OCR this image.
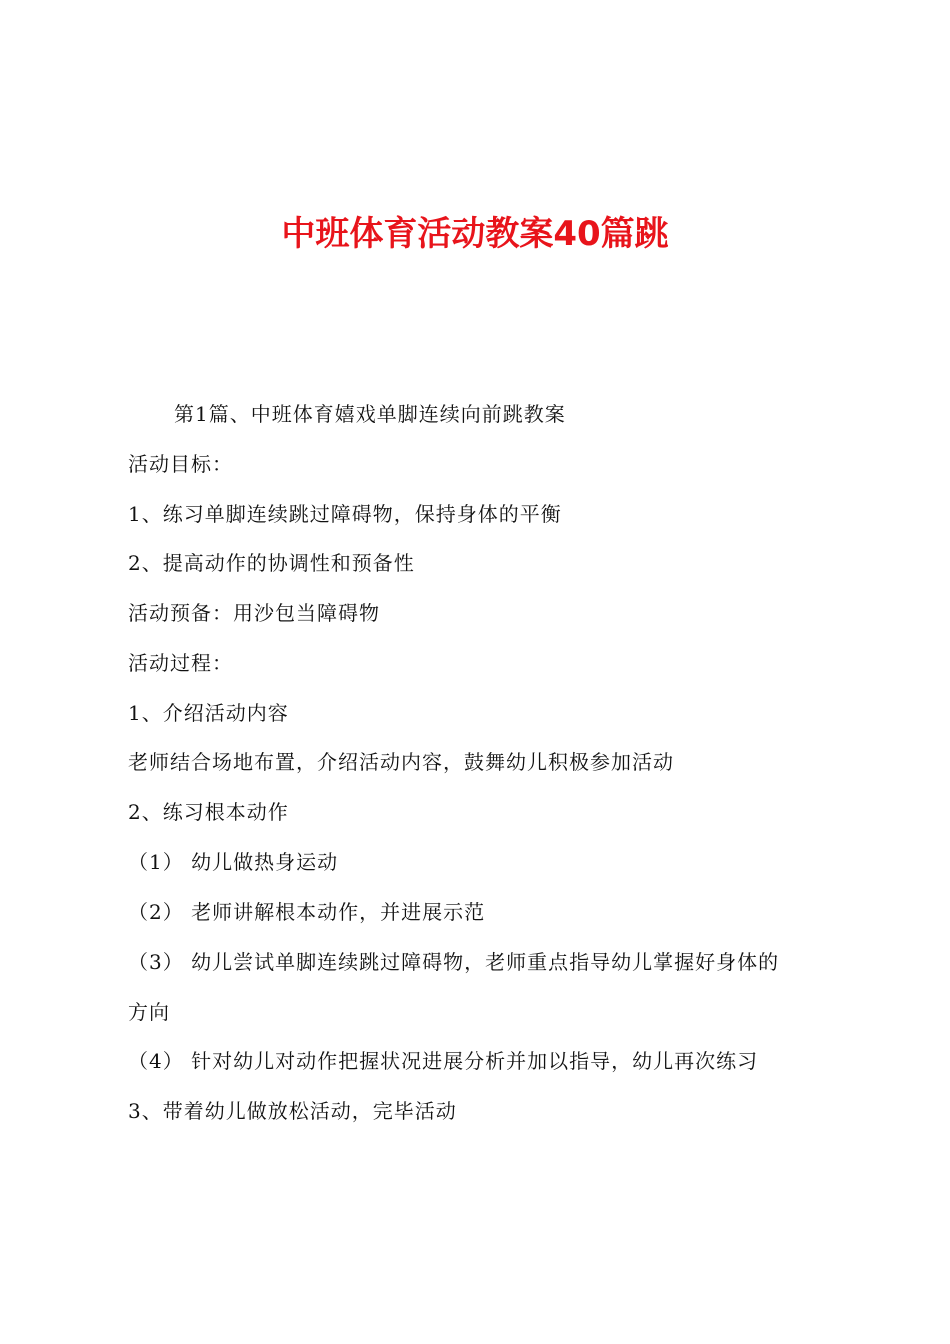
中班体育活动教案40篇跳

第1篇、中班体育嬉戏单脚连续向前跳教案

活动目标：

1、练习单脚连续跳过障碍物，保持身体的平衡

2、提高动作的协调性和预备性

活动预备：用沙包当障碍物

活动过程：

1、介绍活动内容

老师结合场地布置，介绍活动内容，鼓舞幼儿积极参加活动

2、练习根本动作

（1） 幼儿做热身运动

（2） 老师讲解根本动作，并进展示范

（3） 幼儿尝试单脚连续跳过障碍物，老师重点指导幼儿掌握好身体的

方向

（4） 针对幼儿对动作把握状况进展分析并加以指导，幼儿再次练习

3、带着幼儿做放松活动，完毕活动
